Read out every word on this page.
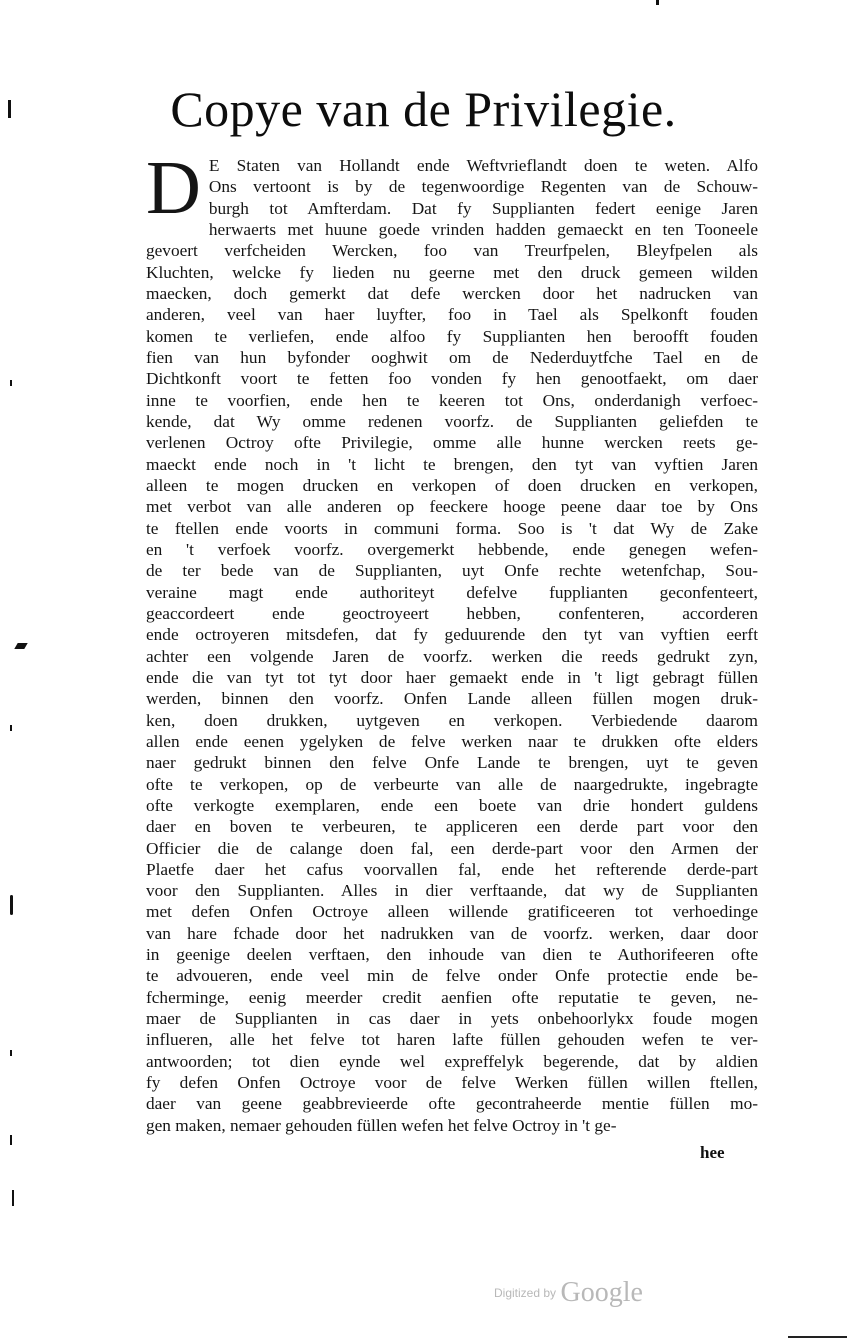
Copye van de Privilegie.
D E Staten van Hollandt ende Weftvrieflandt doen te weten. Alfo
Ons vertoont is by de tegenwoordige Regenten van de Schouw-
burgh tot Amfterdam. Dat fy Supplianten federt eenige Jaren
herwaerts met huune goede vrinden hadden gemaeckt en ten Tooneele
gevoert verfcheiden Wercken, foo van Treurfpelen, Bleyfpelen als
Kluchten, welcke fy lieden nu geerne met den druck gemeen wilden
maecken, doch gemerkt dat defe wercken door het nadrucken van
anderen, veel van haer luyfter, foo in Tael als Spelkonft fouden
komen te verliefen, ende alfoo fy Supplianten hen beroofft fouden
fien van hun byfonder ooghwit om de Nederduytfche Tael en de
Dichtkonft voort te fetten foo vonden fy hen genootfaekt, om daer
inne te voorfien, ende hen te keeren tot Ons, onderdanigh verfoec-
kende, dat Wy omme redenen voorfz. de Supplianten geliefden te
verlenen Octroy ofte Privilegie, omme alle hunne wercken reets ge-
maeckt ende noch in 't licht te brengen, den tyt van vyftien Jaren
alleen te mogen drucken en verkopen of doen drucken en verkopen,
met verbot van alle anderen op feeckere hooge peene daar toe by Ons
te ftellen ende voorts in communi forma. Soo is 't dat Wy de Zake
en 't verfoek voorfz. overgemerkt hebbende, ende genegen wefen-
de ter bede van de Supplianten, uyt Onfe rechte wetenfchap, Sou-
veraine magt ende authoriteyt defelve fupplianten geconfenteert,
geaccordeert ende geoctroyeert hebben, confenteren, accorderen
ende octroyeren mitsdefen, dat fy geduurende den tyt van vyftien eerft
achter een volgende Jaren de voorfz. werken die reeds gedrukt zyn,
ende die van tyt tot tyt door haer gemaekt ende in 't ligt gebragt füllen
werden, binnen den voorfz. Onfen Lande alleen füllen mogen druk-
ken, doen drukken, uytgeven en verkopen. Verbiedende daarom
allen ende eenen ygelyken de felve werken naar te drukken ofte elders
naer gedrukt binnen den felve Onfe Lande te brengen, uyt te geven
ofte te verkopen, op de verbeurte van alle de naargedrukte, ingebragte
ofte verkogte exemplaren, ende een boete van drie hondert guldens
daer en boven te verbeuren, te appliceren een derde part voor den
Officier die de calange doen fal, een derde-part voor den Armen der
Plaetfe daer het cafus voorvallen fal, ende het refterende derde-part
voor den Supplianten. Alles in dier verftaande, dat wy de Supplianten
met defen Onfen Octroye alleen willende gratificeeren tot verhoedinge
van hare fchade door het nadrukken van de voorfz. werken, daar door
in geenige deelen verftaen, den inhoude van dien te Authorifeeren ofte
te advoueren, ende veel min de felve onder Onfe protectie ende be-
fchermingе, eenig meerder credit aenfien ofte reputatie te geven, ne-
maer de Supplianten in cas daer in yets onbehoorlykx foude mogen
influeren, alle het felve tot haren lafte füllen gehouden wefen te ver-
antwoorden; tot dien eynde wel expreffelyk begerende, dat by aldien
fy defen Onfen Octroye voor de felve Werken füllen willen ftellen,
daer van geene geabbrevieerde ofte gecontraheerde mentie füllen mo-
gen maken, nemaer gehouden füllen wefen het felve Octroy in 't ge-
hee
Digitized by Google
